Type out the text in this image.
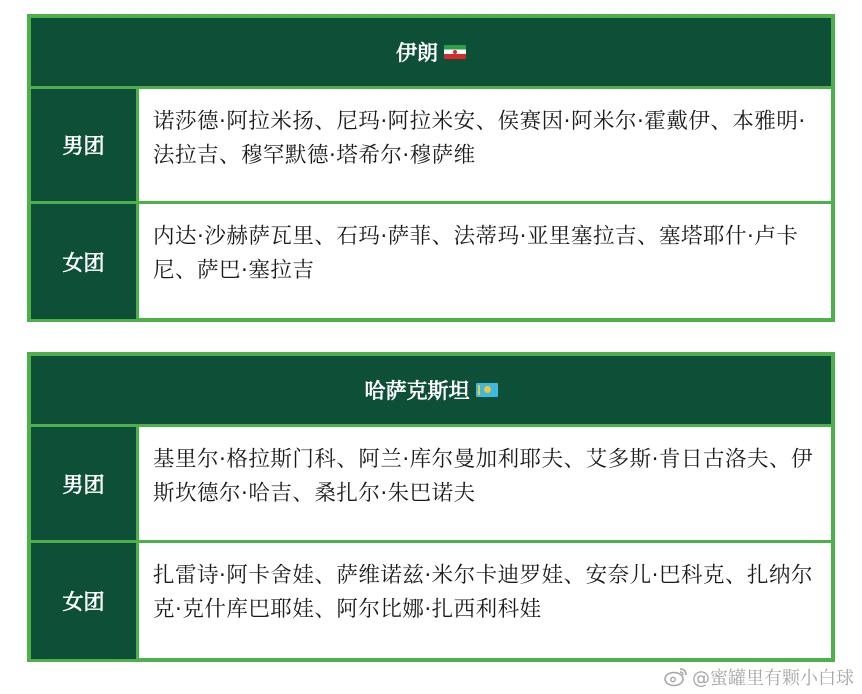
伊朗
男团
诺莎德·阿拉米扬、尼玛·阿拉米安、侯赛因·阿米尔·霍戴伊、本雅明·法拉吉、穆罕默德·塔希尔·穆萨维
女团
内达·沙赫萨瓦里、石玛·萨菲、法蒂玛·亚里塞拉吉、塞塔耶什·卢卡尼、萨巴·塞拉吉
哈萨克斯坦
男团
基里尔·格拉斯门科、阿兰·库尔曼加利耶夫、艾多斯·肯日古洛夫、伊斯坎德尔·哈吉、桑扎尔·朱巴诺夫
女团
扎雷诗·阿卡舍娃、萨维诺兹·米尔卡迪罗娃、安奈儿·巴科克、扎纳尔克·克什库巴耶娃、阿尔比娜·扎西利科娃
@蜜罐里有颗小白球
